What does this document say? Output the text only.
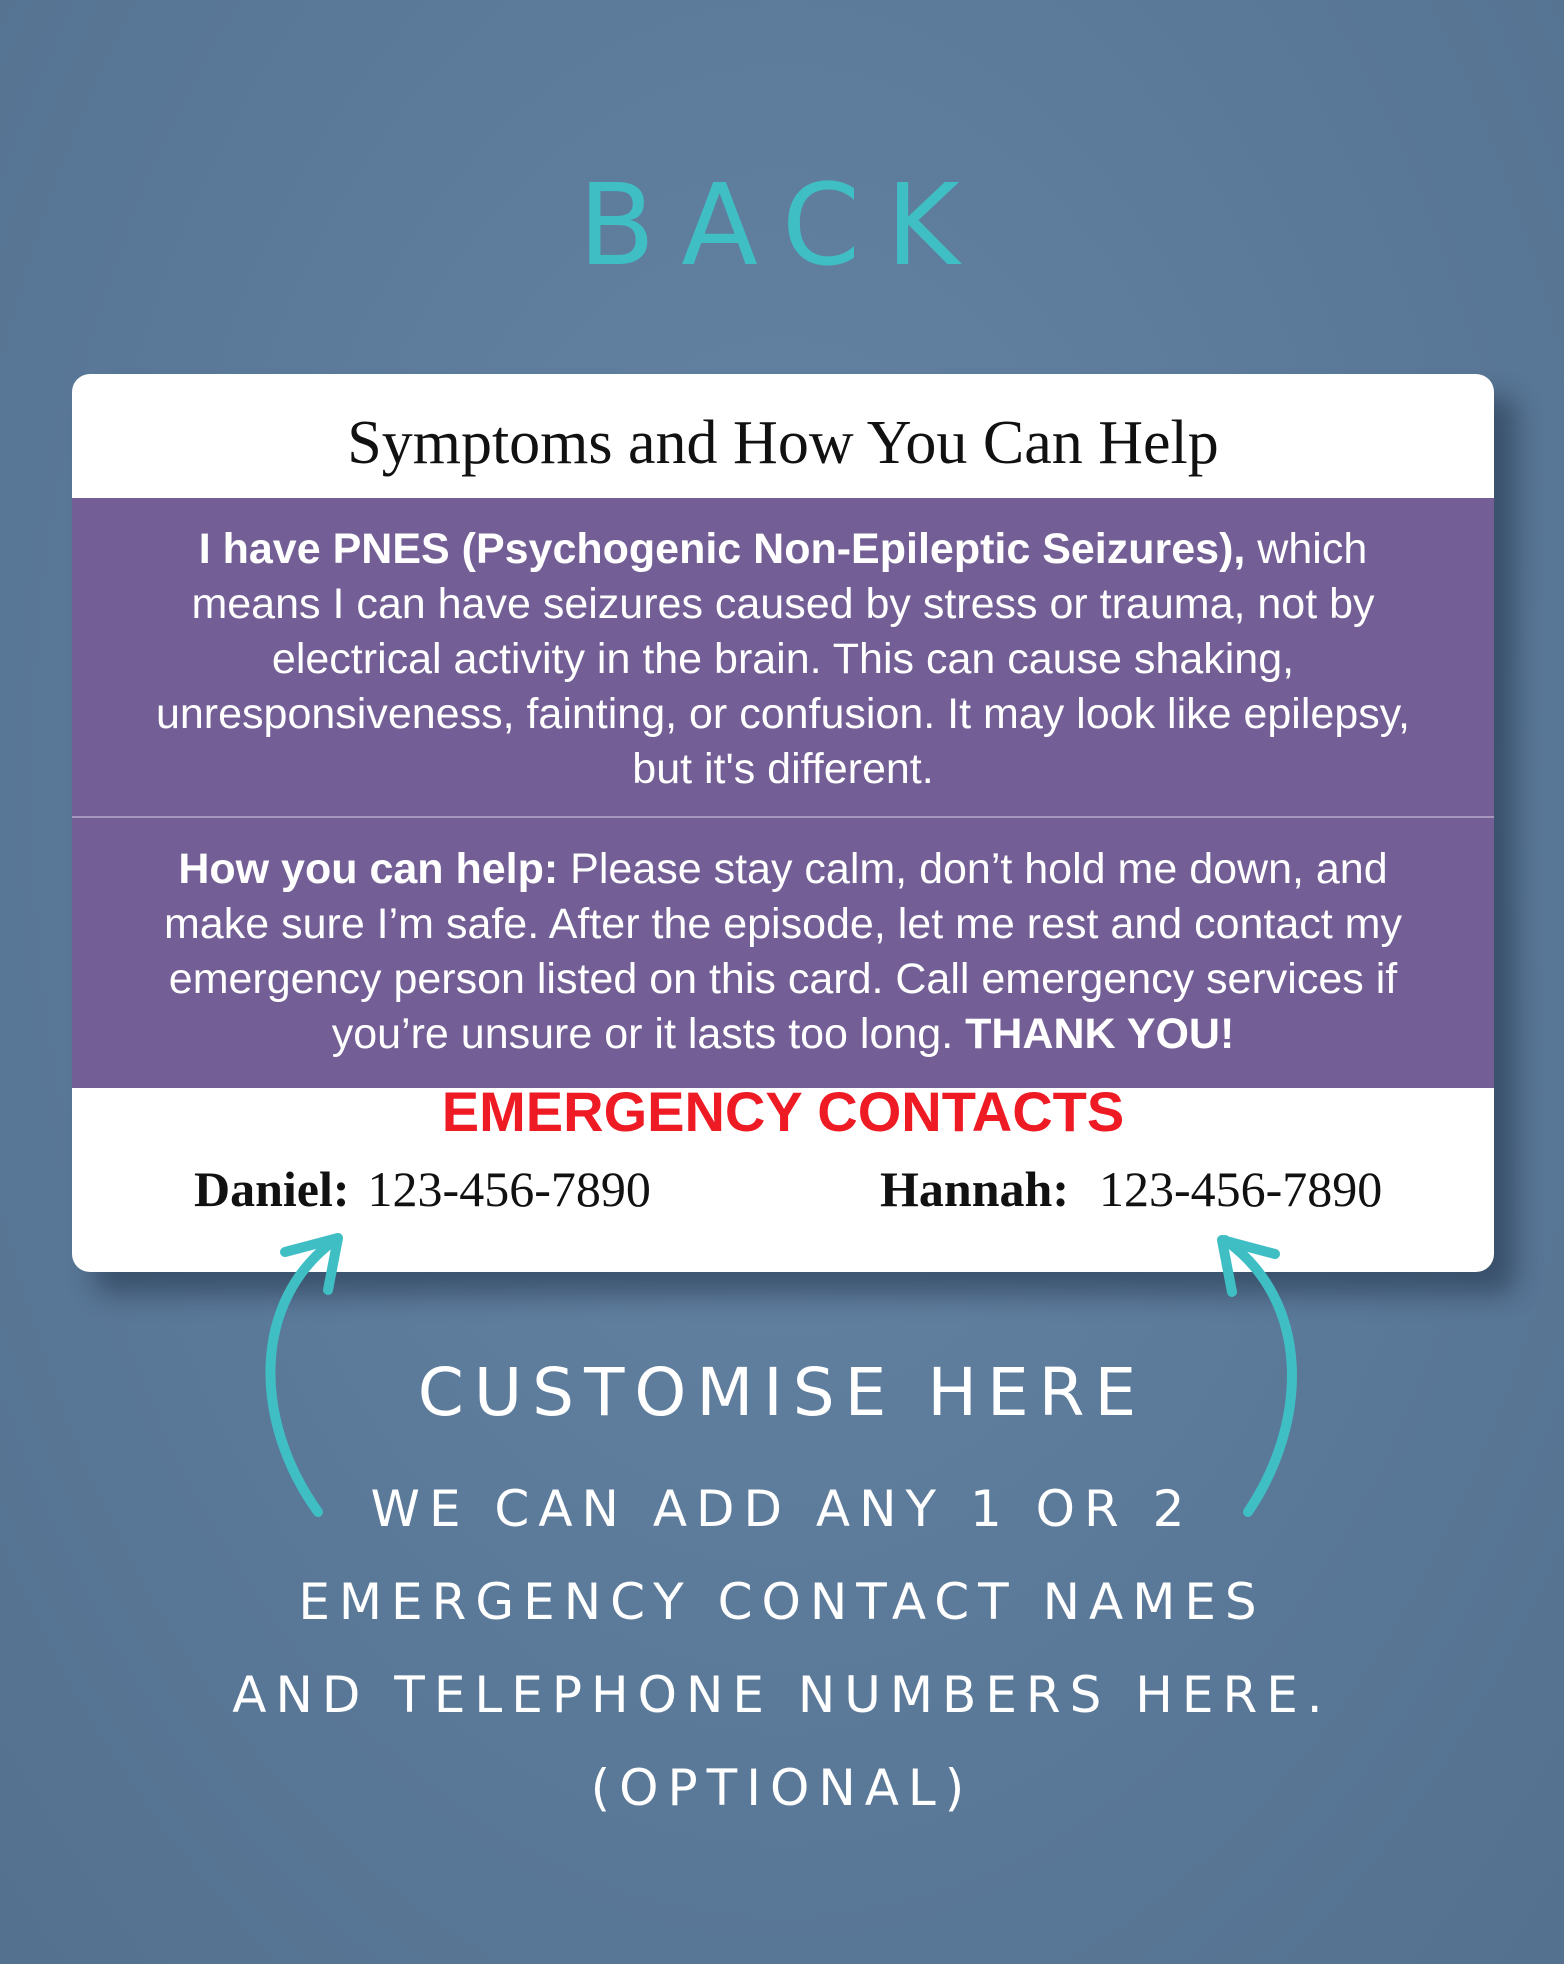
BACK
Symptoms and How You Can Help
I have PNES (Psychogenic Non-Epileptic Seizures), which means I can have seizures caused by stress or trauma, not by electrical activity in the brain. This can cause shaking, unresponsiveness, fainting, or confusion. It may look like epilepsy, but it's different.
How you can help: Please stay calm, don’t hold me down, and make sure I’m safe. After the episode, let me rest and contact my emergency person listed on this card. Call emergency services if you’re unsure or it lasts too long. THANK YOU!
EMERGENCY CONTACTS
Daniel: 123-456-7890	Hannah: 123-456-7890
CUSTOMISE HERE
WE CAN ADD ANY 1 OR 2
EMERGENCY CONTACT NAMES
AND TELEPHONE NUMBERS HERE.
(OPTIONAL)
